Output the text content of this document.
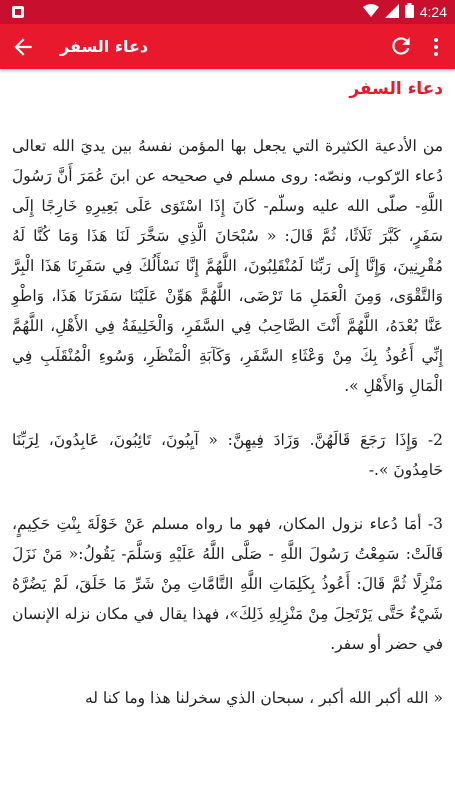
4:24
دعاء السفر
دعاء السفر

من الأدعية الكثيرة التي يجعل بها المؤمن نفسهُ بين يديَ الله تعالى دُعاء الرّكوب، ونصّه: روى مسلم في صحيحه عن ابنَ عُمَرَ أَنَّ رَسُولَ اللَّهِ- صلّى الله عليه وسلّم- كَانَ إِذَا اسْتَوَى عَلَى بَعِيرِهِ خَارِجًا إِلَى سَفَرٍ، كَبَّرَ ثَلَاثًا، ثُمَّ قَالَ: « سُبْحَانَ الَّذِي سَخَّرَ لَنَا هَذَا وَمَا كُنَّا لَهُ مُقْرِنِينَ، وَإِنَّا إِلَى رَبِّنَا لَمُنْقَلِبُونَ، اللَّهُمَّ إِنَّا نَسْأَلُكَ فِي سَفَرِنَا هَذَا الْبِرَّ وَالتَّقْوَى، وَمِنَ الْعَمَلِ مَا تَرْضَى، اللَّهُمَّ هَوِّنْ عَلَيْنَا سَفَرَنَا هَذَا، وَاطْوِ عَنَّا بُعْدَهُ، اللَّهُمَّ أَنْتَ الصَّاحِبُ فِي السَّفَرِ، وَالْخَلِيفَةُ فِي الأَهْلِ، اللَّهُمَّ إِنِّي أَعُوذُ بِكَ مِنْ وَعْثَاءِ السَّفَرِ، وَكَآبَةِ الْمَنْظَرِ، وَسُوءِ الْمُنْقَلَبِ فِي الْمَالِ وَالأَهْلِ ».

2- وَإِذَا رَجَعَ قَالَهُنَّ. وَزَادَ فِيهِنَّ: « آيِبُونَ، تَائِبُونَ، عَابِدُونَ، لِرَبِّنَا حَامِدُونَ ».-

3- أمَا دُعاء نزول المكان، فهو ما رواه مسلم عَنْ خَوْلَةَ بِنْتِ حَكِيمٍ، قَالَتْ: سَمِعْتُ رَسُولَ اللَّهِ - صَلَّى اللَّهُ عَلَيْهِ وَسَلَّمَ- يَقُولُ:« مَنْ نَزَلَ مَنْزِلًا ثُمَّ قَالَ: أَعُوذُ بِكَلِمَاتِ اللَّهِ التَّامَّاتِ مِنْ شَرِّ مَا خَلَقَ، لَمْ يَضُرَّهُ شَيْءٌ حَتَّى يَرْتَحِلَ مِنْ مَنْزِلِهِ ذَلِكَ»، فهذا يقال في مكان نزله الإنسان في حضر أو سفر.

« الله أكبر الله أكبر ، سبحان الذي سخرلنا هذا وما كنا له
